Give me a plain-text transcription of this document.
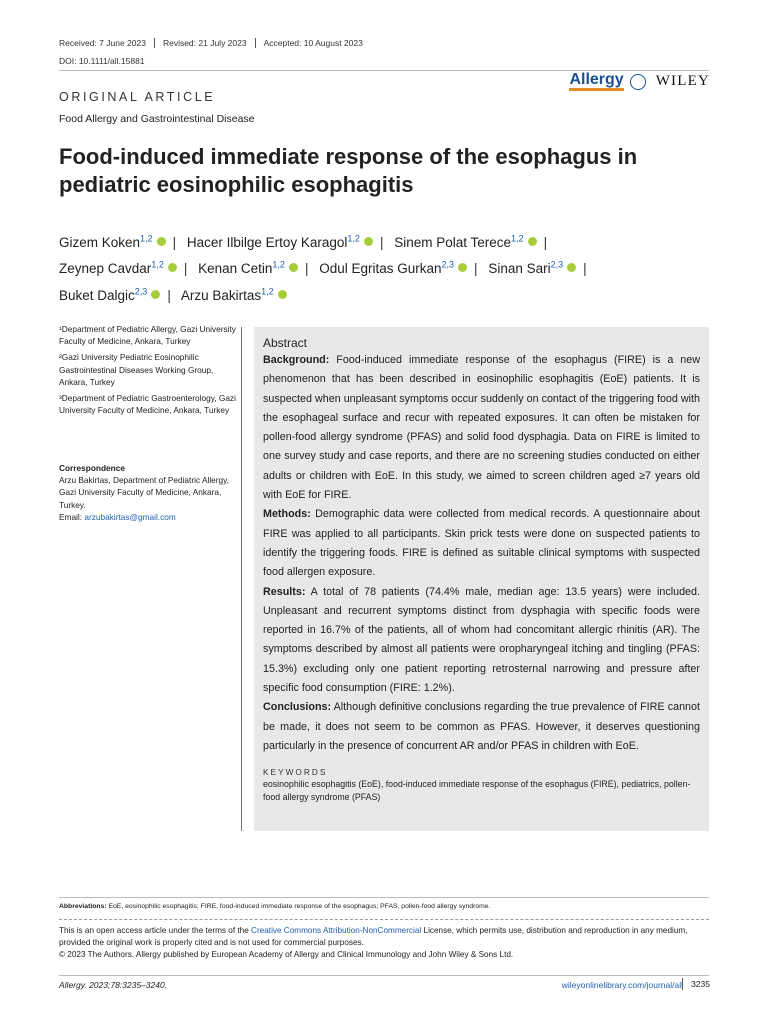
Received: 7 June 2023	Revised: 21 July 2023	Accepted: 10 August 2023
DOI: 10.1111/all.15881
Allergy WILEY
ORIGINAL ARTICLE
Food Allergy and Gastrointestinal Disease
Food-induced immediate response of the esophagus in pediatric eosinophilic esophagitis
Gizem Koken$^{1,2}$ | Hacer Ilbilge Ertoy Karagol$^{1,2}$ | Sinem Polat Terece$^{1,2}$ |
Zeynep Cavdar$^{1,2}$ | Kenan Cetin$^{1,2}$ | Odul Egritas Gurkan$^{2,3}$ | Sinan Sari$^{2,3}$ |
Buket Dalgic$^{2,3}$ | Arzu Bakirtas$^{1,2}$

¹Department of Pediatric Allergy, Gazi University Faculty of Medicine, Ankara, Turkey

²Gazi University Pediatric Eosinophilic Gastrointestinal Diseases Working Group, Ankara, Turkey

³Department of Pediatric Gastroenterology, Gazi University Faculty of Medicine, Ankara, Turkey

Correspondence
Arzu Bakirtas, Department of Pediatric Allergy, Gazi University Faculty of Medicine, Ankara, Turkey.
Email: arzubakirtas@gmail.com
Abstract

Background: Food-induced immediate response of the esophagus (FIRE) is a new phenomenon that has been described in eosinophilic esophagitis (EoE) patients. It is suspected when unpleasant symptoms occur suddenly on contact of the triggering food with the esophageal surface and recur with repeated exposures. It can often be mistaken for pollen-food allergy syndrome (PFAS) and solid food dysphagia. Data on FIRE is limited to one survey study and case reports, and there are no screening studies conducted on either adults or children with EoE. In this study, we aimed to screen children aged ≥7 years old with EoE for FIRE.

Methods: Demographic data were collected from medical records. A questionnaire about FIRE was applied to all participants. Skin prick tests were done on suspected patients to identify the triggering foods. FIRE is defined as suitable clinical symptoms with suspected food allergen exposure.

Results: A total of 78 patients (74.4% male, median age: 13.5 years) were included. Unpleasant and recurrent symptoms distinct from dysphagia with specific foods were reported in 16.7% of the patients, all of whom had concomitant allergic rhinitis (AR). The symptoms described by almost all patients were oropharyngeal itching and tingling (PFAS: 15.3%) excluding only one patient reporting retrosternal narrowing and pressure after specific food consumption (FIRE: 1.2%).

Conclusions: Although definitive conclusions regarding the true prevalence of FIRE cannot be made, it does not seem to be common as PFAS. However, it deserves questioning particularly in the presence of concurrent AR and/or PFAS in children with EoE.

KEYWORDS
eosinophilic esophagitis (EoE), food-induced immediate response of the esophagus (FIRE), pediatrics, pollen-food allergy syndrome (PFAS)
Abbreviations: EoE, eosinophilic esophagitis; FIRE, food-induced immediate response of the esophagus; PFAS, pollen-food allergy syndrome.
This is an open access article under the terms of the Creative Commons Attribution-NonCommercial License, which permits use, distribution and reproduction in any medium, provided the original work is properly cited and is not used for commercial purposes.
© 2023 The Authors. Allergy published by European Academy of Allergy and Clinical Immunology and John Wiley & Sons Ltd.
Allergy. 2023;78:3235–3240.	wileyonlinelibrary.com/journal/all 3235
